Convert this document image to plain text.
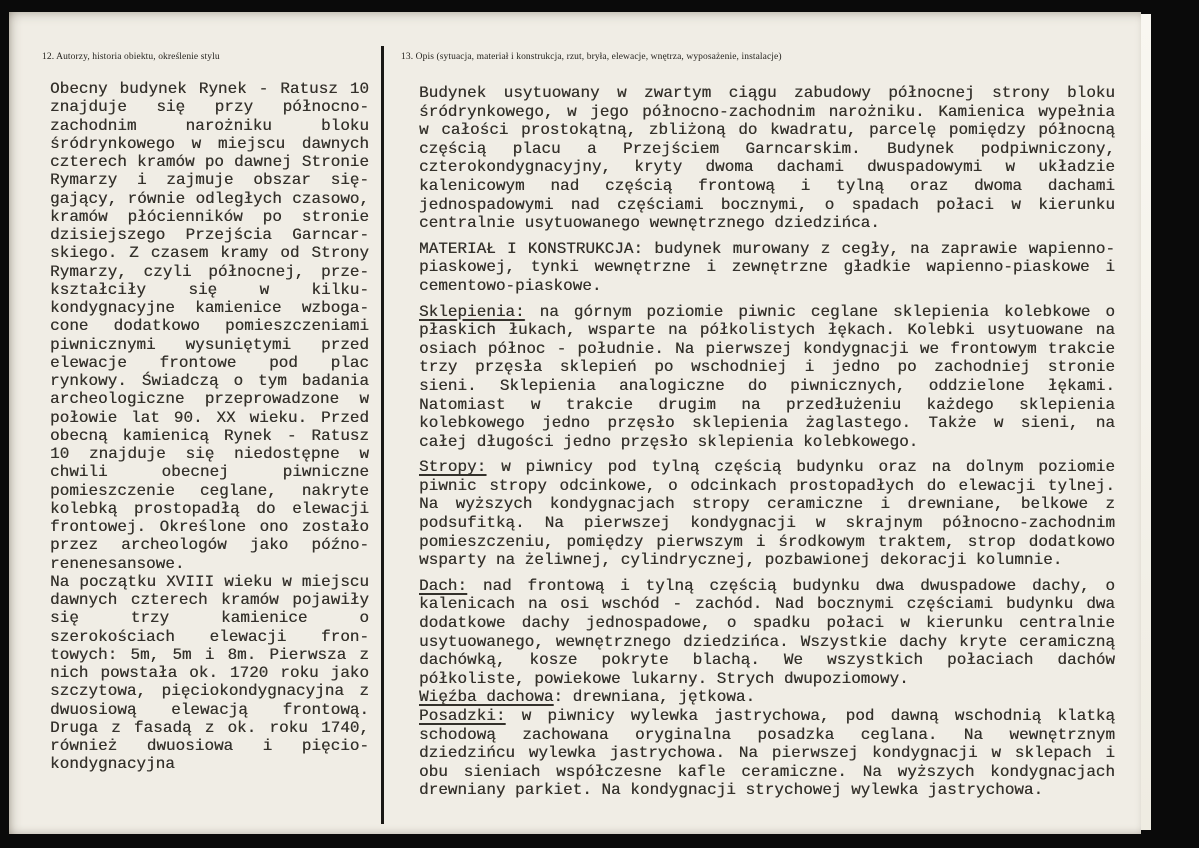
12. Autorzy, historia obiektu, określenie stylu	13. Opis (sytuacja, materiał i konstrukcja, rzut, bryła, elewacje, wnętrza, wyposażenie, instalacje)
Obecny budynek Rynek - Ratusz 10
znajduje się przy północno-
zachodnim narożniku bloku
śródrynkowego w miejscu dawnych
czterech kramów po dawnej Stronie
Rymarzy i zajmuje obszar się-
gający, równie odległych czasowo,
kramów płócienników po stronie
dzisiejszego Przejścia Garncar-
skiego. Z czasem kramy od Strony
Rymarzy, czyli północnej, prze-
kształciły się w kilku-
kondygnacyjne kamienice wzboga-
cone dodatkowo pomieszczeniami
piwnicznymi wysuniętymi przed
elewacje frontowe pod plac
rynkowy. Świadczą o tym badania
archeologiczne przeprowadzone w
połowie lat 90. XX wieku. Przed
obecną kamienicą Rynek - Ratusz
10 znajduje się niedostępne w
chwili obecnej piwniczne
pomieszczenie ceglane, nakryte
kolebką prostopadłą do elewacji
frontowej. Określone ono zostało
przez archeologów jako późno-
renenesansowe.
Na początku XVIII wieku w miejscu
dawnych czterech kramów pojawiły
się trzy kamienice o
szerokościach elewacji fron-
towych: 5m, 5m i 8m. Pierwsza z
nich powstała ok. 1720 roku jako
szczytowa, pięciokondygnacyjna z
dwuosiową elewacją frontową.
Druga z fasadą z ok. roku 1740,
również dwuosiowa i pięcio-
kondygnacyjna
Budynek usytuowany w zwartym ciągu zabudowy północnej strony bloku
śródrynkowego, w jego północno-zachodnim narożniku. Kamienica wypełnia
w całości prostokątną, zbliżoną do kwadratu, parcelę pomiędzy północną
częścią placu a Przejściem Garncarskim. Budynek podpiwniczony,
czterokondygnacyjny, kryty dwoma dachami dwuspadowymi w układzie
kalenicowym nad częścią frontową i tylną oraz dwoma dachami
jednospadowymi nad częściami bocznymi, o spadach połaci w kierunku
centralnie usytuowanego wewnętrznego dziedzińca.
MATERIAŁ I KONSTRUKCJA: budynek murowany z cegły, na zaprawie wapienno-
piaskowej, tynki wewnętrzne i zewnętrzne gładkie wapienno-piaskowe i
cementowo-piaskowe.
Sklepienia: na górnym poziomie piwnic ceglane sklepienia kolebkowe o
płaskich łukach, wsparte na półkolistych łękach. Kolebki usytuowane na
osiach północ - południe. Na pierwszej kondygnacji we frontowym trakcie
trzy przęsła sklepień po wschodniej i jedno po zachodniej stronie
sieni. Sklepienia analogiczne do piwnicznych, oddzielone łękami.
Natomiast w trakcie drugim na przedłużeniu każdego sklepienia
kolebkowego jedno przęsło sklepienia żaglastego. Także w sieni, na
całej długości jedno przęsło sklepienia kolebkowego.
Stropy: w piwnicy pod tylną częścią budynku oraz na dolnym poziomie
piwnic stropy odcinkowe, o odcinkach prostopadłych do elewacji tylnej.
Na wyższych kondygnacjach stropy ceramiczne i drewniane, belkowe z
podsufitką. Na pierwszej kondygnacji w skrajnym północno-zachodnim
pomieszczeniu, pomiędzy pierwszym i środkowym traktem, strop dodatkowo
wsparty na żeliwnej, cylindrycznej, pozbawionej dekoracji kolumnie.
Dach: nad frontową i tylną częścią budynku dwa dwuspadowe dachy, o
kalenicach na osi wschód - zachód. Nad bocznymi częściami budynku dwa
dodatkowe dachy jednospadowe, o spadku połaci w kierunku centralnie
usytuowanego, wewnętrznego dziedzińca. Wszystkie dachy kryte ceramiczną
dachówką, kosze pokryte blachą. We wszystkich połaciach dachów
półkoliste, powiekowe lukarny. Strych dwupoziomowy.
Więźba dachowa: drewniana, jętkowa.
Posadzki: w piwnicy wylewka jastrychowa, pod dawną wschodnią klatką
schodową zachowana oryginalna posadzka ceglana. Na wewnętrznym
dziedzińcu wylewka jastrychowa. Na pierwszej kondygnacji w sklepach i
obu sieniach współczesne kafle ceramiczne. Na wyższych kondygnacjach
drewniany parkiet. Na kondygnacji strychowej wylewka jastrychowa.
